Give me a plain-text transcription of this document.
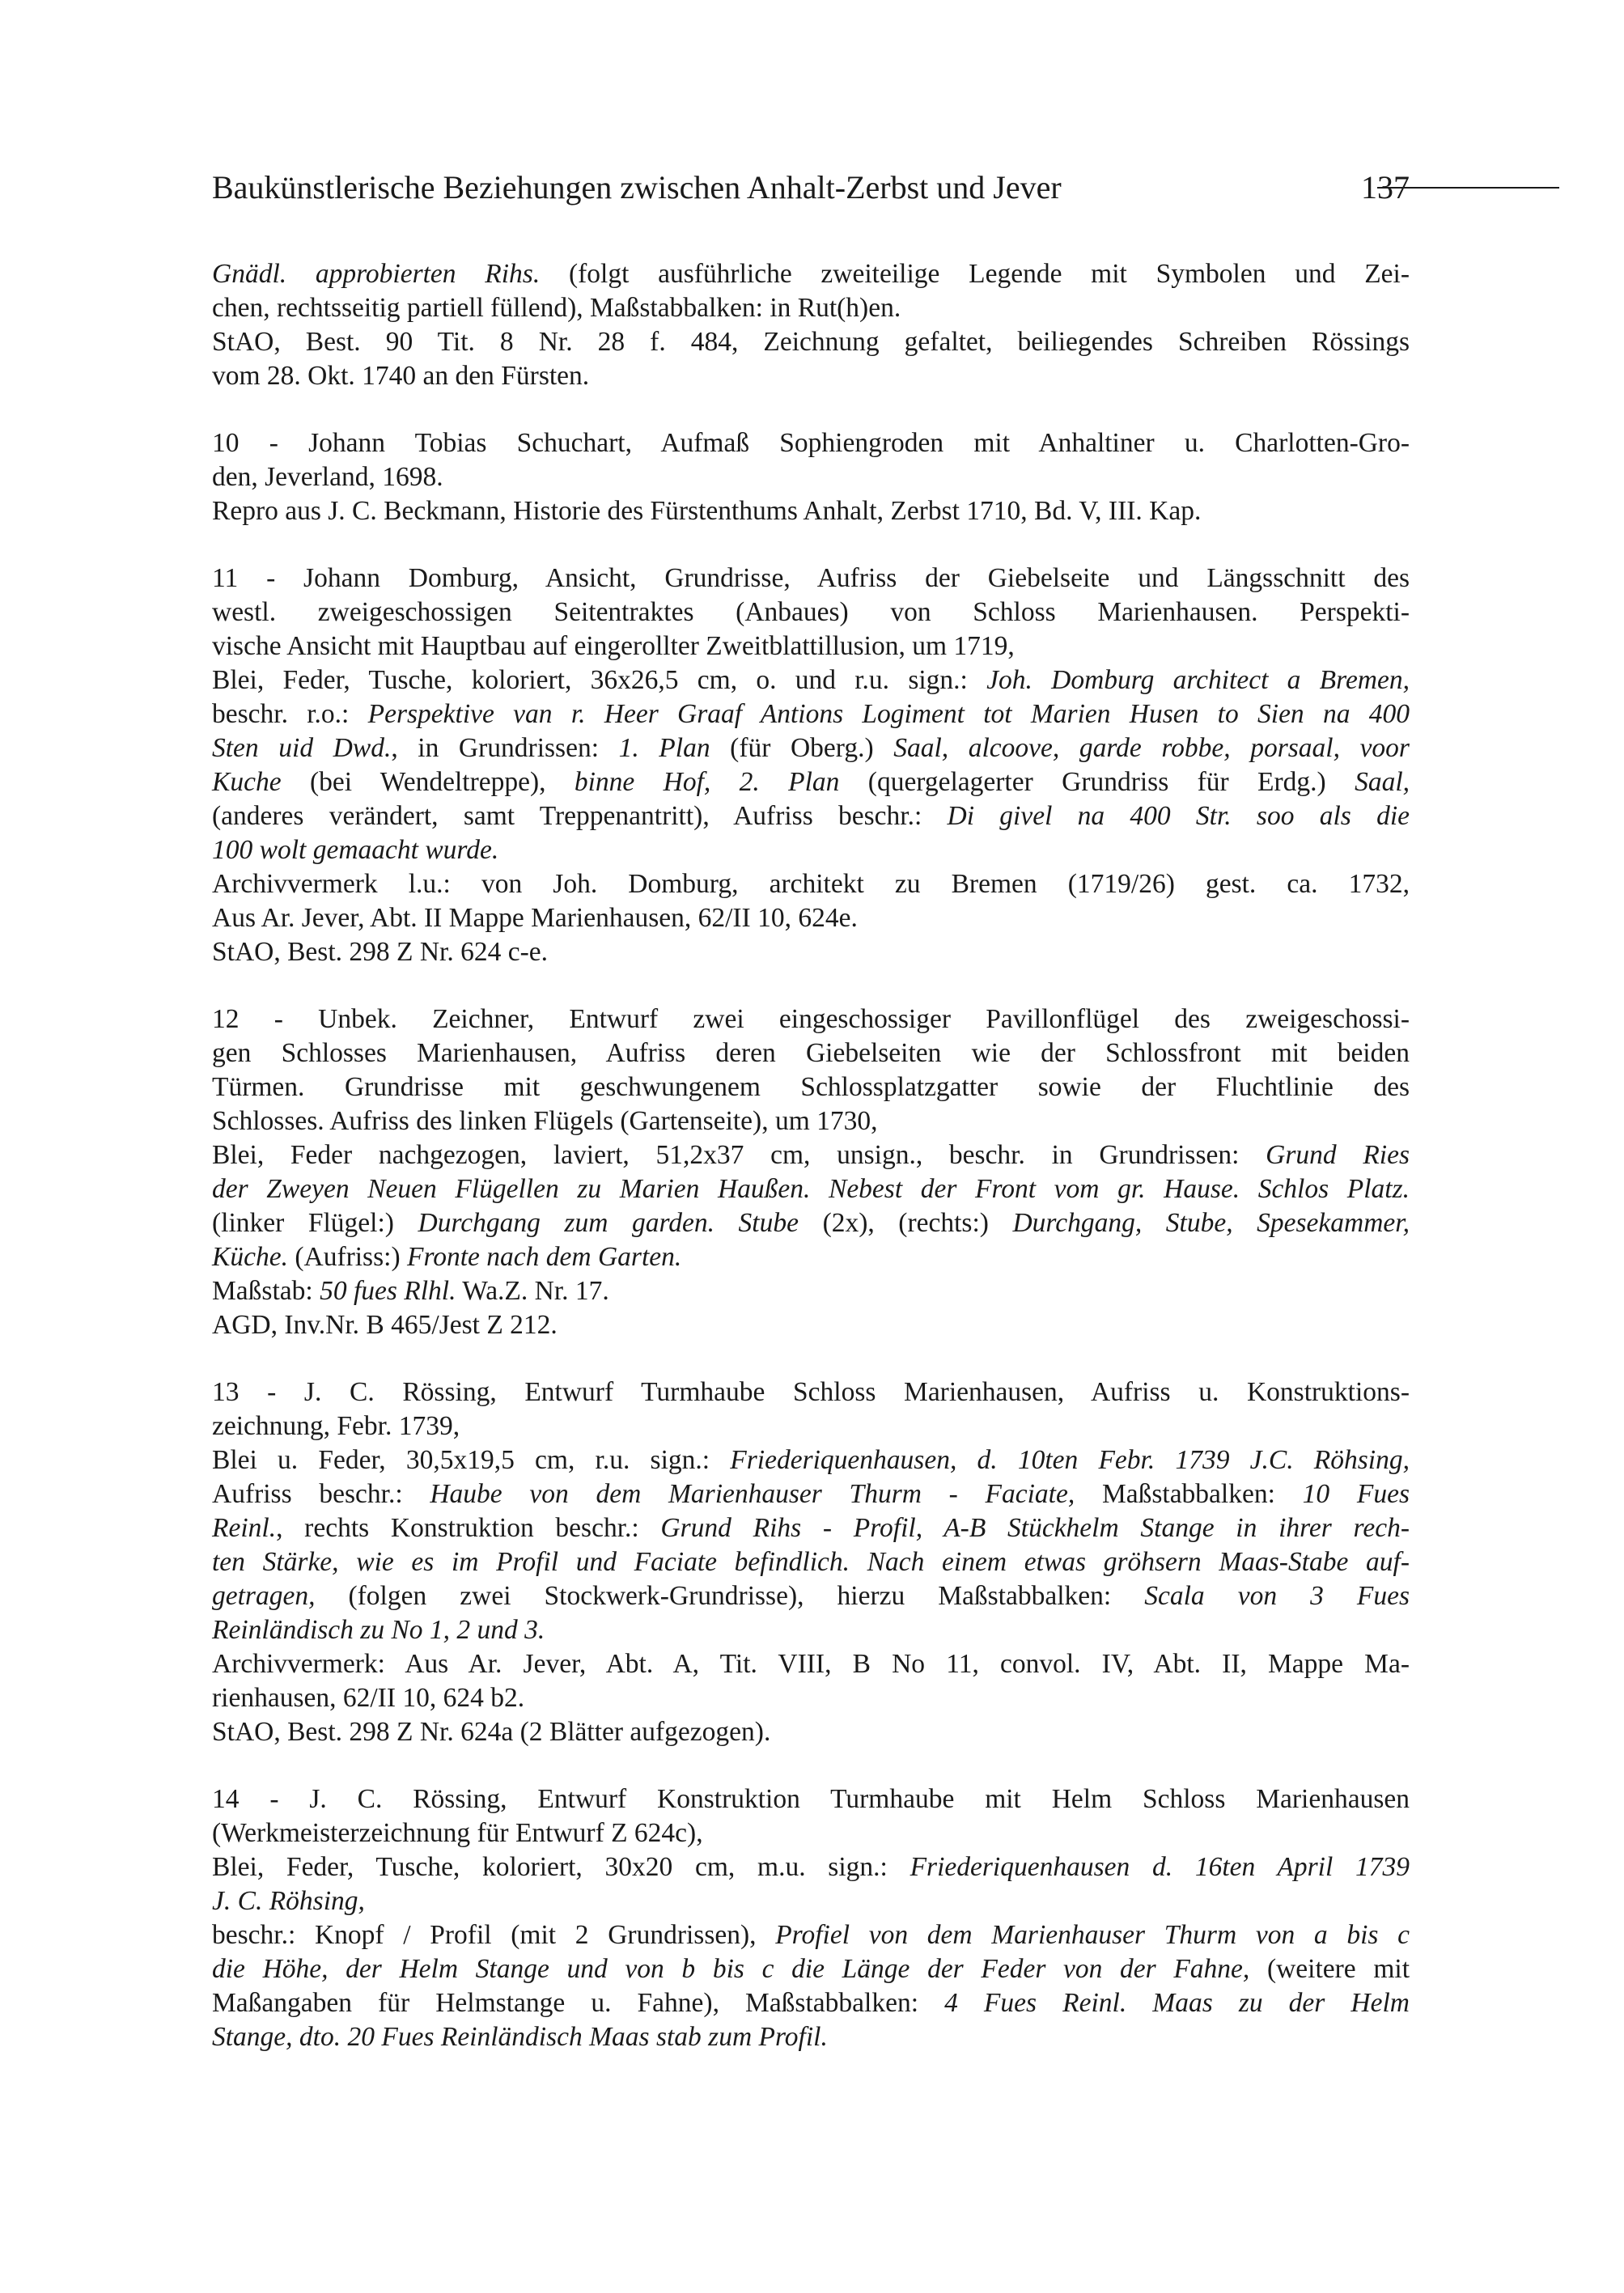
Baukünstlerische Beziehungen zwischen Anhalt-Zerbst und Jever	137
Gnädl. approbierten Rihs. (folgt ausführliche zweiteilige Legende mit Symbolen und Zei-
chen, rechtsseitig partiell füllend), Maßstabbalken: in Rut(h)en.
StAO, Best. 90 Tit. 8 Nr. 28 f. 484, Zeichnung gefaltet, beiliegendes Schreiben Rössings
vom 28. Okt. 1740 an den Fürsten.
10 - Johann Tobias Schuchart, Aufmaß Sophiengroden mit Anhaltiner u. Charlotten-Gro-
den, Jeverland, 1698.
Repro aus J. C. Beckmann, Historie des Fürstenthums Anhalt, Zerbst 1710, Bd. V, III. Kap.
11 - Johann Domburg, Ansicht, Grundrisse, Aufriss der Giebelseite und Längsschnitt des
westl. zweigeschossigen Seitentraktes (Anbaues) von Schloss Marienhausen. Perspekti-
vische Ansicht mit Hauptbau auf eingerollter Zweitblattillusion, um 1719,
Blei, Feder, Tusche, koloriert, 36x26,5 cm, o. und r.u. sign.: Joh. Domburg architect a Bremen,
beschr. r.o.: Perspektive van r. Heer Graaf Antions Logiment tot Marien Husen to Sien na 400
Sten uid Dwd., in Grundrissen: 1. Plan (für Oberg.) Saal, alcoove, garde robbe, porsaal, voor
Kuche (bei Wendeltreppe), binne Hof, 2. Plan (quergelagerter Grundriss für Erdg.) Saal,
(anderes verändert, samt Treppenantritt), Aufriss beschr.: Di givel na 400 Str. soo als die
100 wolt gemaacht wurde.
Archivvermerk l.u.: von Joh. Domburg, architekt zu Bremen (1719/26) gest. ca. 1732,
Aus Ar. Jever, Abt. II Mappe Marienhausen, 62/II 10, 624e.
StAO, Best. 298 Z Nr. 624 c-e.
12 - Unbek. Zeichner, Entwurf zwei eingeschossiger Pavillonflügel des zweigeschossi-
gen Schlosses Marienhausen, Aufriss deren Giebelseiten wie der Schlossfront mit beiden
Türmen. Grundrisse mit geschwungenem Schlossplatzgatter sowie der Fluchtlinie des
Schlosses. Aufriss des linken Flügels (Gartenseite), um 1730,
Blei, Feder nachgezogen, laviert, 51,2x37 cm, unsign., beschr. in Grundrissen: Grund Ries
der Zweyen Neuen Flügellen zu Marien Haußen. Nebest der Front vom gr. Hause. Schlos Platz.
(linker Flügel:) Durchgang zum garden. Stube (2x), (rechts:) Durchgang, Stube, Spesekammer,
Küche. (Aufriss:) Fronte nach dem Garten.
Maßstab: 50 fues Rlhl. Wa.Z. Nr. 17.
AGD, Inv.Nr. B 465/Jest Z 212.
13 - J. C. Rössing, Entwurf Turmhaube Schloss Marienhausen, Aufriss u. Konstruktions-
zeichnung, Febr. 1739,
Blei u. Feder, 30,5x19,5 cm, r.u. sign.: Friederiquenhausen, d. 10ten Febr. 1739 J.C. Röhsing,
Aufriss beschr.: Haube von dem Marienhauser Thurm - Faciate, Maßstabbalken: 10 Fues
Reinl., rechts Konstruktion beschr.: Grund Rihs - Profil, A-B Stückhelm Stange in ihrer rech-
ten Stärke, wie es im Profil und Faciate befindlich. Nach einem etwas gröhsern Maas-Stabe auf-
getragen, (folgen zwei Stockwerk-Grundrisse), hierzu Maßstabbalken: Scala von 3 Fues
Reinländisch zu No 1, 2 und 3.
Archivvermerk: Aus Ar. Jever, Abt. A, Tit. VIII, B No 11, convol. IV, Abt. II, Mappe Ma-
rienhausen, 62/II 10, 624 b2.
StAO, Best. 298 Z Nr. 624a (2 Blätter aufgezogen).
14 - J. C. Rössing, Entwurf Konstruktion Turmhaube mit Helm Schloss Marienhausen
(Werkmeisterzeichnung für Entwurf Z 624c),
Blei, Feder, Tusche, koloriert, 30x20 cm, m.u. sign.: Friederiquenhausen d. 16ten April 1739
J. C. Röhsing,
beschr.: Knopf / Profil (mit 2 Grundrissen), Profiel von dem Marienhauser Thurm von a bis c
die Höhe, der Helm Stange und von b bis c die Länge der Feder von der Fahne, (weitere mit
Maßangaben für Helmstange u. Fahne), Maßstabbalken: 4 Fues Reinl. Maas zu der Helm
Stange, dto. 20 Fues Reinländisch Maas stab zum Profil.
